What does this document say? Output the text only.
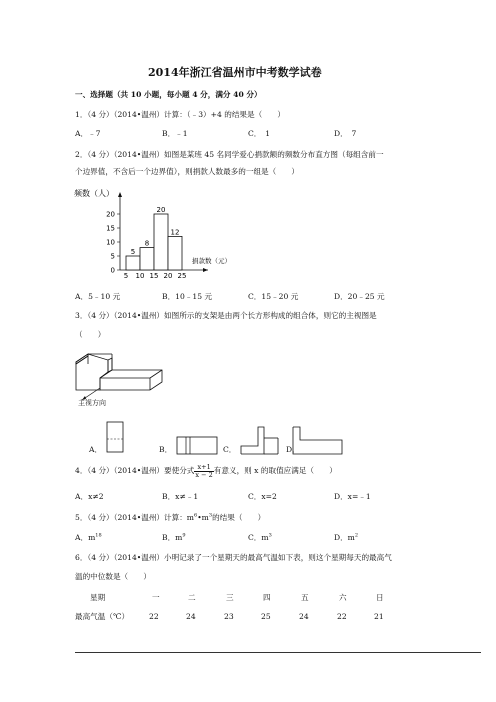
2014年浙江省温州市中考数学试卷
一、选择题（共 10 小题，每小题 4 分，满分 40 分）
1．（4 分）（2014•温州）计算：（﹣3）+4 的结果是（　　）
A．﹣7	B．﹣1	C．　1	D．　7
2．（4 分）（2014•温州）如图是某班 45 名同学爱心捐款额的频数分布直方图（每组含前一
个边界值，不含后一个边界值），则捐款人数最多的一组是（　　）
0
5
10
15
20
5
8
20
12
5 10 15 20 25
频数（人）
捐款数（元）
A．5﹣10 元	B．10﹣15 元	C．15﹣20 元	D．20﹣25 元
3．（4 分）（2014•温州）如图所示的支架是由两个长方形构成的组合体，则它的主视图是
（　　）
主视方向
A．	B．	C．	D．
4．（4 分）（2014•温州）要使分式 $\frac{x+1}{x - 2}$ 有意义，则 x 的取值应满足（　　）
A．x≠2	B．x≠﹣1	C．x=2	D．x=﹣1
5．（4 分）（2014•温州）计算：$m^6•m^3$的结果（　　）
A．$m^{18}$	B．$m^9$	C．$m^3$	D．$m^2$
6．（4 分）（2014•温州）小明记录了一个星期天的最高气温如下表，则这个星期每天的最高气
温的中位数是（　　）
星期	一	二	三	四	五	六	日
最高气温（℃）	22	24	23	25	24	22	21
